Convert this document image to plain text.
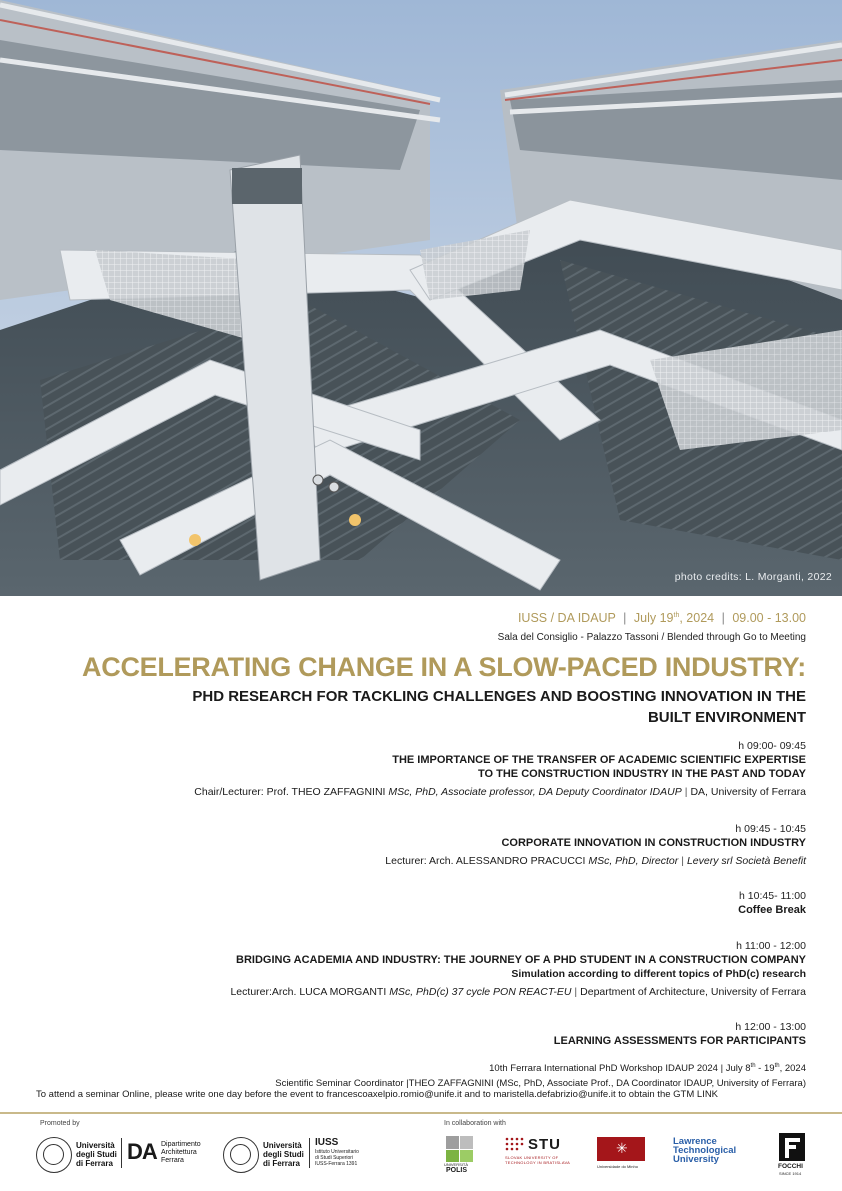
photo credits: L. Morganti, 2022
IUSS / DA IDAUP | July 19th, 2024 | 09.00 - 13.00
Sala del Consiglio - Palazzo Tassoni / Blended through Go to Meeting
ACCELERATING CHANGE IN A SLOW-PACED INDUSTRY:
PHD RESEARCH FOR TACKLING CHALLENGES AND BOOSTING INNOVATION IN THE
BUILT ENVIRONMENT
h 09:00- 09:45
THE IMPORTANCE OF THE TRANSFER OF ACADEMIC SCIENTIFIC EXPERTISE
TO THE CONSTRUCTION INDUSTRY IN THE PAST AND TODAY
Chair/Lecturer: Prof. THEO ZAFFAGNINI MSc, PhD, Associate professor, DA Deputy Coordinator IDAUP | DA, University of Ferrara
h 09:45 - 10:45
CORPORATE INNOVATION IN CONSTRUCTION INDUSTRY
Lecturer: Arch. ALESSANDRO PRACUCCI MSc, PhD, Director | Levery srl Società Benefit
h 10:45- 11:00
Coffee Break
h 11:00 - 12:00
BRIDGING ACADEMIA AND INDUSTRY: THE JOURNEY OF A PHD STUDENT IN A CONSTRUCTION COMPANY
Simulation according to different topics of PhD(c) research
Lecturer:Arch. LUCA MORGANTI MSc, PhD(c) 37 cycle PON REACT-EU | Department of Architecture, University of Ferrara
h 12:00 - 13:00
LEARNING ASSESSMENTS FOR PARTICIPANTS
10th Ferrara International PhD Workshop IDAUP 2024 | July 8th - 19th, 2024
Scientific Seminar Coordinator |THEO ZAFFAGNINI (MSc, PhD, Associate Prof., DA Coordinator IDAUP, University of Ferrara)
To attend a seminar Online, please write one day before the event to francescoaxelpio.romio@unife.it and to maristella.defabrizio@unife.it to obtain the GTM LINK
Promoted by	In collaboration with
Università
degli Studi
di Ferrara DA Dipartimento
Architettura
Ferrara
Università
degli Studi
di Ferrara
IUSS
Istituto Universitario
di Studi Superiori
IUSS-Ferrara 1391	UNIVERSITÀ
POLIS
STU
SLOVAK UNIVERSITY OF
TECHNOLOGY IN BRATISLAVA
✳
Universidade do Minho
Lawrence
Technological
University
FOCCHI
SINCE 1914
